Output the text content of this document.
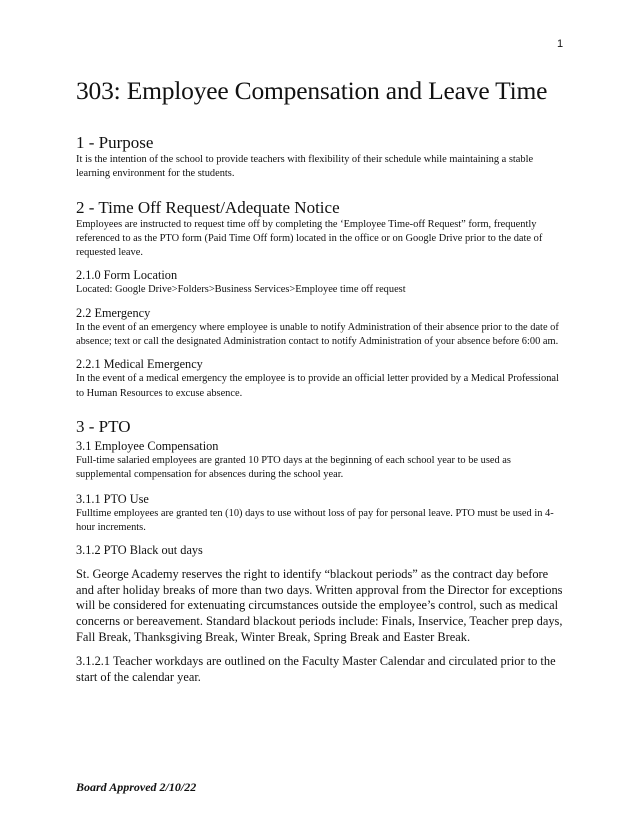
1
303: Employee Compensation and Leave Time
1 - Purpose

It is the intention of the school to provide teachers with flexibility of their schedule while maintaining a stable learning environment for the students.

2 - Time Off Request/Adequate Notice

Employees are instructed to request time off by completing the ‘Employee Time-off Request” form, frequently referenced to as the PTO form (Paid Time Off form) located in the office or on Google Drive prior to the date of requested leave.

2.1.0 Form Location

Located: Google Drive>Folders>Business Services>Employee time off request

2.2 Emergency

In the event of an emergency where employee is unable to notify Administration of their absence prior to the date of absence; text or call the designated Administration contact to notify Administration of your absence before 6:00 am.

2.2.1 Medical Emergency

In the event of a medical emergency the employee is to provide an official letter provided by a Medical Professional to Human Resources to excuse absence.

3 - PTO
3.1 Employee Compensation

Full-time salaried employees are granted 10 PTO days at the beginning of each school year to be used as supplemental compensation for absences during the school year.

3.1.1 PTO Use

Fulltime employees are granted ten (10) days to use without loss of pay for personal leave. PTO must be used in 4-hour increments.

3.1.2 PTO Black out days

St. George Academy reserves the right to identify “blackout periods” as the contract day before and after holiday breaks of more than two days. Written approval from the Director for exceptions will be considered for extenuating circumstances outside the employee’s control, such as medical concerns or bereavement. Standard blackout periods include: Finals, Inservice, Teacher prep days, Fall Break, Thanksgiving Break, Winter Break, Spring Break and Easter Break.

3.1.2.1 Teacher workdays are outlined on the Faculty Master Calendar and circulated prior to the start of the calendar year.

Board Approved 2/10/22
